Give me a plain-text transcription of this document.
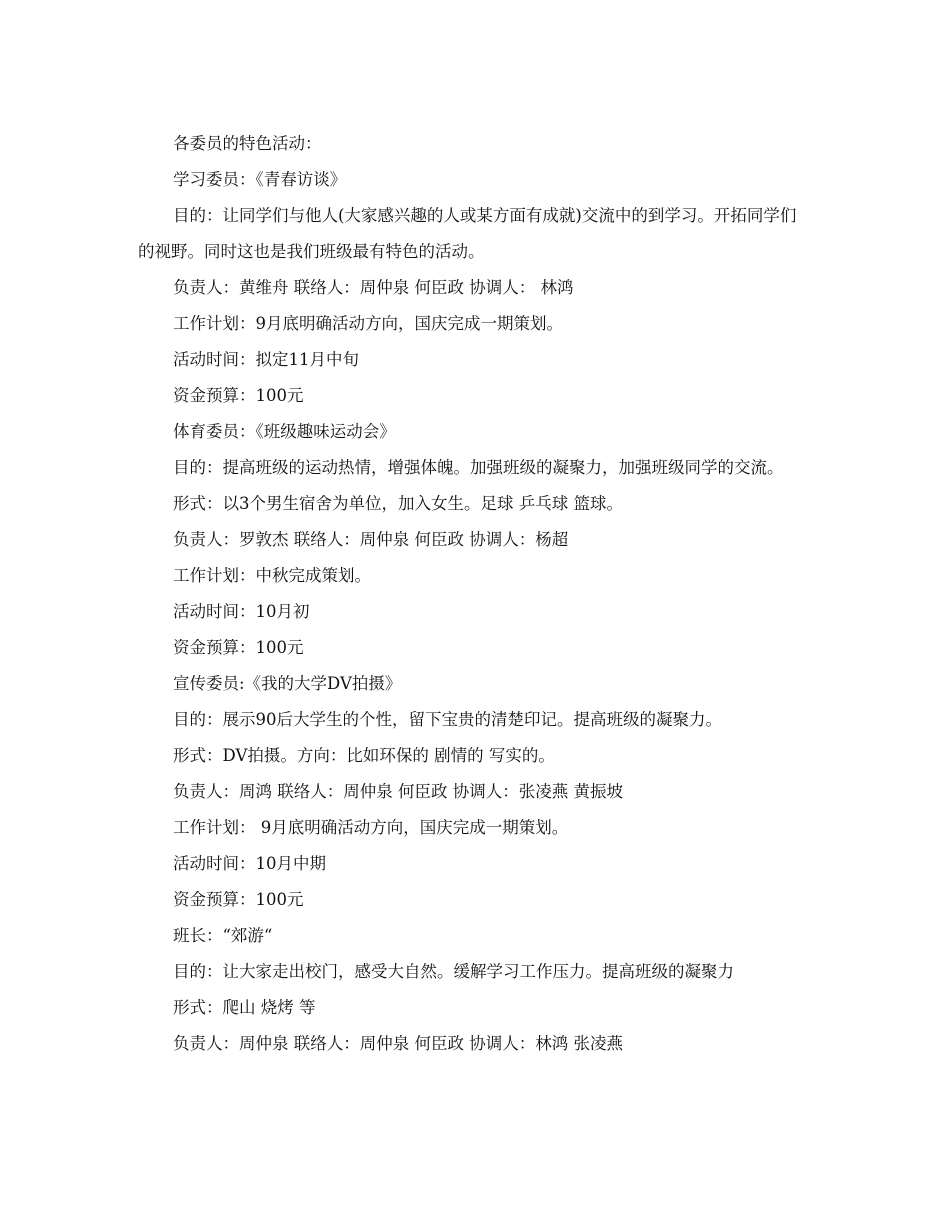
各委员的特色活动：

学习委员：《青春访谈》

目的：让同学们与他人(大家感兴趣的人或某方面有成就)交流中的到学习。开拓同学们的视野。同时这也是我们班级最有特色的活动。

负责人：黄维舟 联络人：周仲泉 何臣政 协调人： 林鸿

工作计划：9月底明确活动方向，国庆完成一期策划。

活动时间：拟定11月中旬

资金预算：100元

体育委员：《班级趣味运动会》

目的：提高班级的运动热情，增强体魄。加强班级的凝聚力，加强班级同学的交流。

形式：以3个男生宿舍为单位，加入女生。足球 乒乓球 篮球。

负责人：罗敦杰 联络人：周仲泉 何臣政 协调人：杨超

工作计划：中秋完成策划。

活动时间：10月初

资金预算：100元

宣传委员:《我的大学DV拍摄》

目的：展示90后大学生的个性，留下宝贵的清楚印记。提高班级的凝聚力。

形式：DV拍摄。方向：比如环保的 剧情的 写实的。

负责人：周鸿 联络人：周仲泉 何臣政 协调人：张凌燕 黄振坡

工作计划： 9月底明确活动方向，国庆完成一期策划。

活动时间：10月中期

资金预算：100元

班长：“郊游“

目的：让大家走出校门，感受大自然。缓解学习工作压力。提高班级的凝聚力

形式：爬山 烧烤 等

负责人：周仲泉 联络人：周仲泉 何臣政 协调人：林鸿 张凌燕
